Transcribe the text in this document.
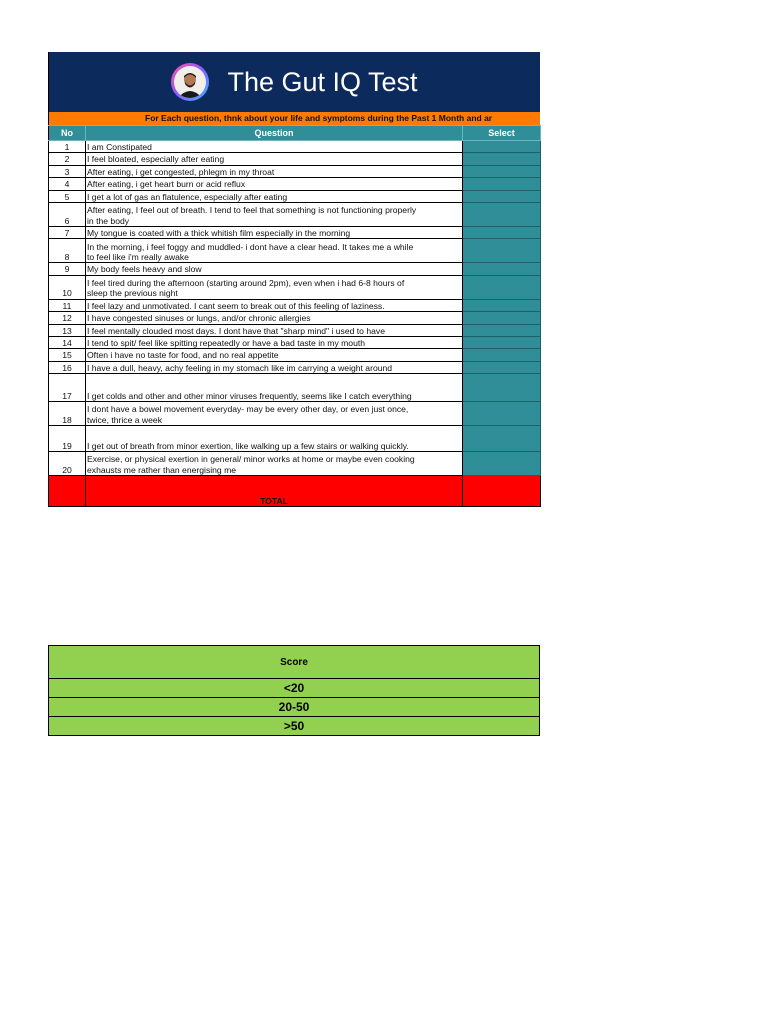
The Gut IQ Test
For Each question, thnk about your life and symptoms during the Past 1 Month and ar
No	Question	Select
1	I am Constipated	

2	I feel bloated, especially after eating	

3	After eating, i get congested, phlegm in my throat	

4	After eating, i get heart burn or acid reflux	

5	I get a lot of gas an flatulence, especially after eating	

6	After eating, I feel out of breath. I tend to feel that something is not functioning properly
in the body	

7	My tongue is coated with a thick whitish film especially in the morning	

8	In the morning, i feel foggy and muddled- i dont have a clear head. It takes me a while
to feel like i'm really awake	

9	My body feels heavy and slow	

10	I feel tired during the afternoon (starting around 2pm), even when i had 6-8 hours of
sleep the previous night	

11	I feel lazy and unmotivated. I cant seem to break out of this feeling of laziness.	

12	I have congested sinuses or lungs, and/or chronic allergies	

13	I feel mentally clouded most days. I dont have that "sharp mind" i used to have	

14	I tend to spit/ feel like spitting repeatedly or have a bad taste in my mouth	

15	Often i have no taste for food, and no real appetite	

16	I have a dull, heavy, achy feeling in my stomach like im carrying a weight around	

17	I get colds and other and other minor viruses frequently, seems like I catch everything	

18	I dont have a bowel movement everyday- may be every other day, or even just once,
twice, thrice a week	

19	I get out of breath from minor exertion, like walking up a few stairs or walking quickly.	

20	Exercise, or physical exertion in general/ minor works at home or maybe even cooking
exhausts me rather than energising me	

	TOTAL	
Score
<20
20-50
>50
